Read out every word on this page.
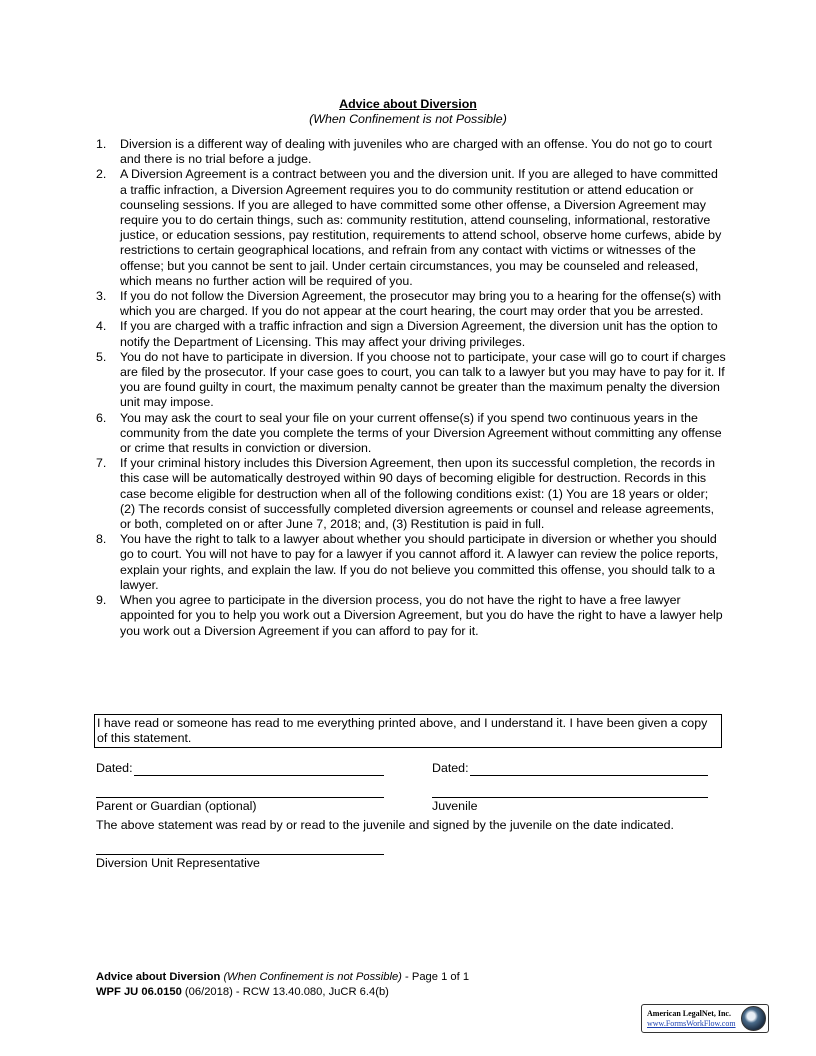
Advice about Diversion
(When Confinement is not Possible)
1. Diversion is a different way of dealing with juveniles who are charged with an offense. You do not go to court and there is no trial before a judge.
2. A Diversion Agreement is a contract between you and the diversion unit. If you are alleged to have committed a traffic infraction, a Diversion Agreement requires you to do community restitution or attend education or counseling sessions. If you are alleged to have committed some other offense, a Diversion Agreement may require you to do certain things, such as: community restitution, attend counseling, informational, restorative justice, or education sessions, pay restitution, requirements to attend school, observe home curfews, abide by restrictions to certain geographical locations, and refrain from any contact with victims or witnesses of the offense; but you cannot be sent to jail. Under certain circumstances, you may be counseled and released, which means no further action will be required of you.
3. If you do not follow the Diversion Agreement, the prosecutor may bring you to a hearing for the offense(s) with which you are charged. If you do not appear at the court hearing, the court may order that you be arrested.
4. If you are charged with a traffic infraction and sign a Diversion Agreement, the diversion unit has the option to notify the Department of Licensing. This may affect your driving privileges.
5. You do not have to participate in diversion. If you choose not to participate, your case will go to court if charges are filed by the prosecutor. If your case goes to court, you can talk to a lawyer but you may have to pay for it. If you are found guilty in court, the maximum penalty cannot be greater than the maximum penalty the diversion unit may impose.
6. You may ask the court to seal your file on your current offense(s) if you spend two continuous years in the community from the date you complete the terms of your Diversion Agreement without committing any offense or crime that results in conviction or diversion.
7. If your criminal history includes this Diversion Agreement, then upon its successful completion, the records in this case will be automatically destroyed within 90 days of becoming eligible for destruction. Records in this case become eligible for destruction when all of the following conditions exist: (1) You are 18 years or older; (2) The records consist of successfully completed diversion agreements or counsel and release agreements, or both, completed on or after June 7, 2018; and, (3) Restitution is paid in full.
8. You have the right to talk to a lawyer about whether you should participate in diversion or whether you should go to court. You will not have to pay for a lawyer if you cannot afford it. A lawyer can review the police reports, explain your rights, and explain the law. If you do not believe you committed this offense, you should talk to a lawyer.
9. When you agree to participate in the diversion process, you do not have the right to have a free lawyer appointed for you to help you work out a Diversion Agreement, but you do have the right to have a lawyer help you work out a Diversion Agreement if you can afford to pay for it.
I have read or someone has read to me everything printed above, and I understand it. I have been given a copy of this statement.
Dated:	Dated:
Parent or Guardian (optional)	Juvenile
The above statement was read by or read to the juvenile and signed by the juvenile on the date indicated.
Diversion Unit Representative
Advice about Diversion (When Confinement is not Possible) - Page 1 of 1
WPF JU 06.0150 (06/2018) - RCW 13.40.080, JuCR 6.4(b)
American LegalNet, Inc.
www.FormsWorkFlow.com
